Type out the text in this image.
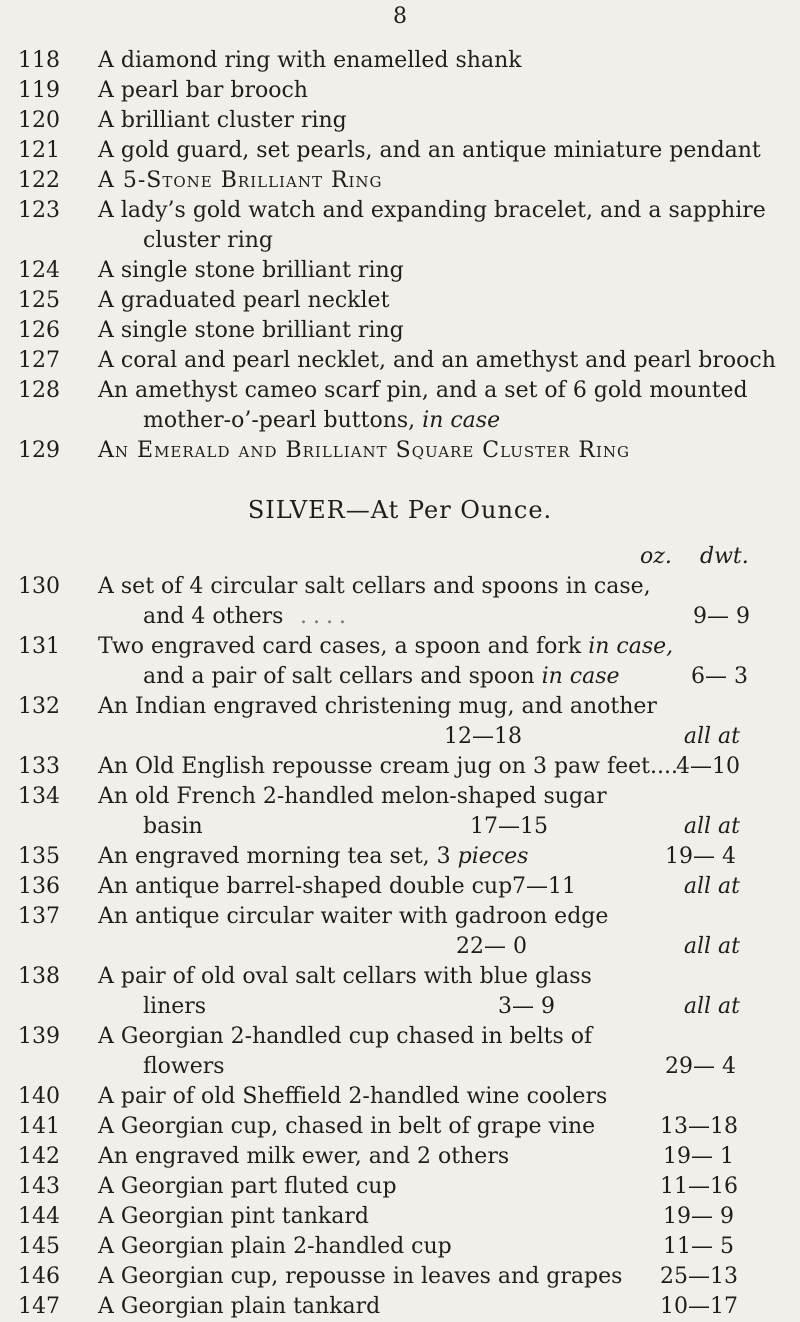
8
118 A diamond ring with enamelled shank
119 A pearl bar brooch
120 A brilliant cluster ring
121 A gold guard, set pearls, and an antique miniature pendant
122 A 5-Stone Brilliant Ring
123 A lady’s gold watch and expanding bracelet, and a sapphire
cluster ring
124 A single stone brilliant ring
125 A graduated pearl necklet
126 A single stone brilliant ring
127 A coral and pearl necklet, and an amethyst and pearl brooch
128 An amethyst cameo scarf pin, and a set of 6 gold mounted
mother-o’-pearl buttons, in case
129 An Emerald and Brilliant Square Cluster Ring
SILVER—At Per Ounce.
oz. dwt.
130 A set of 4 circular salt cellars and spoons in case,
and 4 others ....	9— 9
131 Two engraved card cases, a spoon and fork in case,
and a pair of salt cellars and spoon in case	6— 3
132 An Indian engraved christening mug, and another
12—18	all at
133 An Old English repousse cream jug on 3 paw feet....
4—10
134 An old French 2-handled melon-shaped sugar
basin	17—15	all at
135 An engraved morning tea set, 3 pieces	19— 4
136 An antique barrel-shaped double cup 7—11	all at
137 An antique circular waiter with gadroon edge
22— 0	all at
138 A pair of old oval salt cellars with blue glass
liners	3— 9	all at
139 A Georgian 2-handled cup chased in belts of
flowers	29— 4
140 A pair of old Sheffield 2-handled wine coolers
141 A Georgian cup, chased in belt of grape vine	13—18
142 An engraved milk ewer, and 2 others	19— 1
143 A Georgian part fluted cup	11—16
144 A Georgian pint tankard	19— 9
145 A Georgian plain 2-handled cup	11— 5
146 A Georgian cup, repousse in leaves and grapes 25—13
147 A Georgian plain tankard	10—17
